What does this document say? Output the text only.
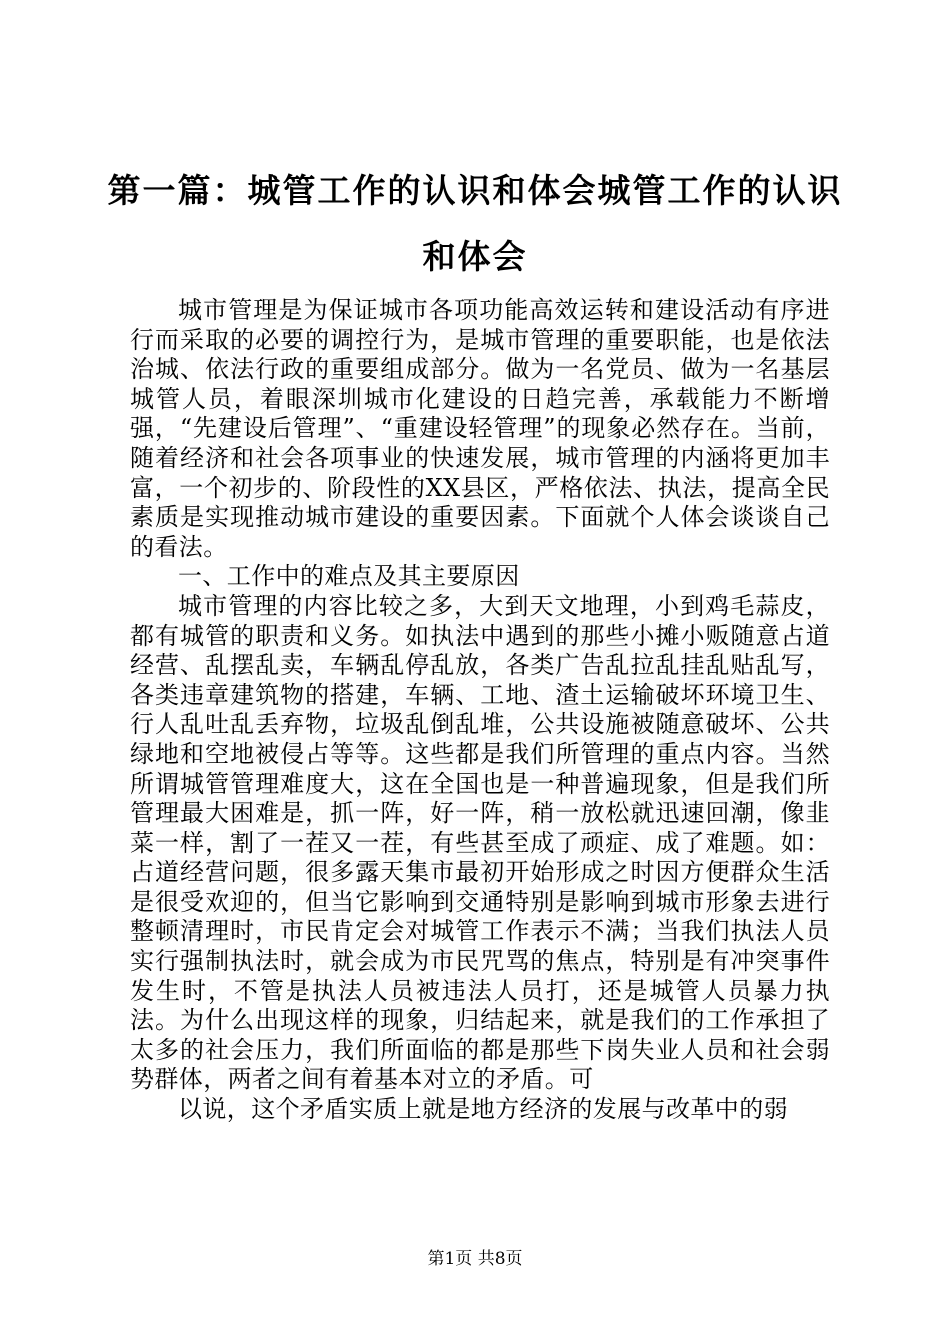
第一篇：城管工作的认识和体会城管工作的认识和体会

城市管理是为保证城市各项功能高效运转和建设活动有序进行而采取的必要的调控行为，是城市管理的重要职能，也是依法治城、依法行政的重要组成部分。做为一名党员、做为一名基层城管人员，着眼深圳城市化建设的日趋完善，承载能力不断增强，“先建设后管理”、“重建设轻管理”的现象必然存在。当前，随着经济和社会各项事业的快速发展，城市管理的内涵将更加丰富，一个初步的、阶段性的XX县区，严格依法、执法，提高全民素质是实现推动城市建设的重要因素。下面就个人体会谈谈自己的看法。

一、工作中的难点及其主要原因

城市管理的内容比较之多，大到天文地理，小到鸡毛蒜皮，都有城管的职责和义务。如执法中遇到的那些小摊小贩随意占道经营、乱摆乱卖，车辆乱停乱放，各类广告乱拉乱挂乱贴乱写，各类违章建筑物的搭建，车辆、工地、渣土运输破坏环境卫生、行人乱吐乱丢弃物，垃圾乱倒乱堆，公共设施被随意破坏、公共绿地和空地被侵占等等。这些都是我们所管理的重点内容。当然所谓城管管理难度大，这在全国也是一种普遍现象，但是我们所管理最大困难是，抓一阵，好一阵，稍一放松就迅速回潮，像韭菜一样，割了一茬又一茬，有些甚至成了顽症、成了难题。如：占道经营问题，很多露天集市最初开始形成之时因方便群众生活是很受欢迎的，但当它影响到交通特别是影响到城市形象去进行整顿清理时，市民肯定会对城管工作表示不满；当我们执法人员实行强制执法时，就会成为市民咒骂的焦点，特别是有冲突事件发生时，不管是执法人员被违法人员打，还是城管人员暴力执法。为什么出现这样的现象，归结起来，就是我们的工作承担了太多的社会压力，我们所面临的都是那些下岗失业人员和社会弱势群体，两者之间有着基本对立的矛盾。可

以说，这个矛盾实质上就是地方经济的发展与改革中的弱

第1页 共8页
